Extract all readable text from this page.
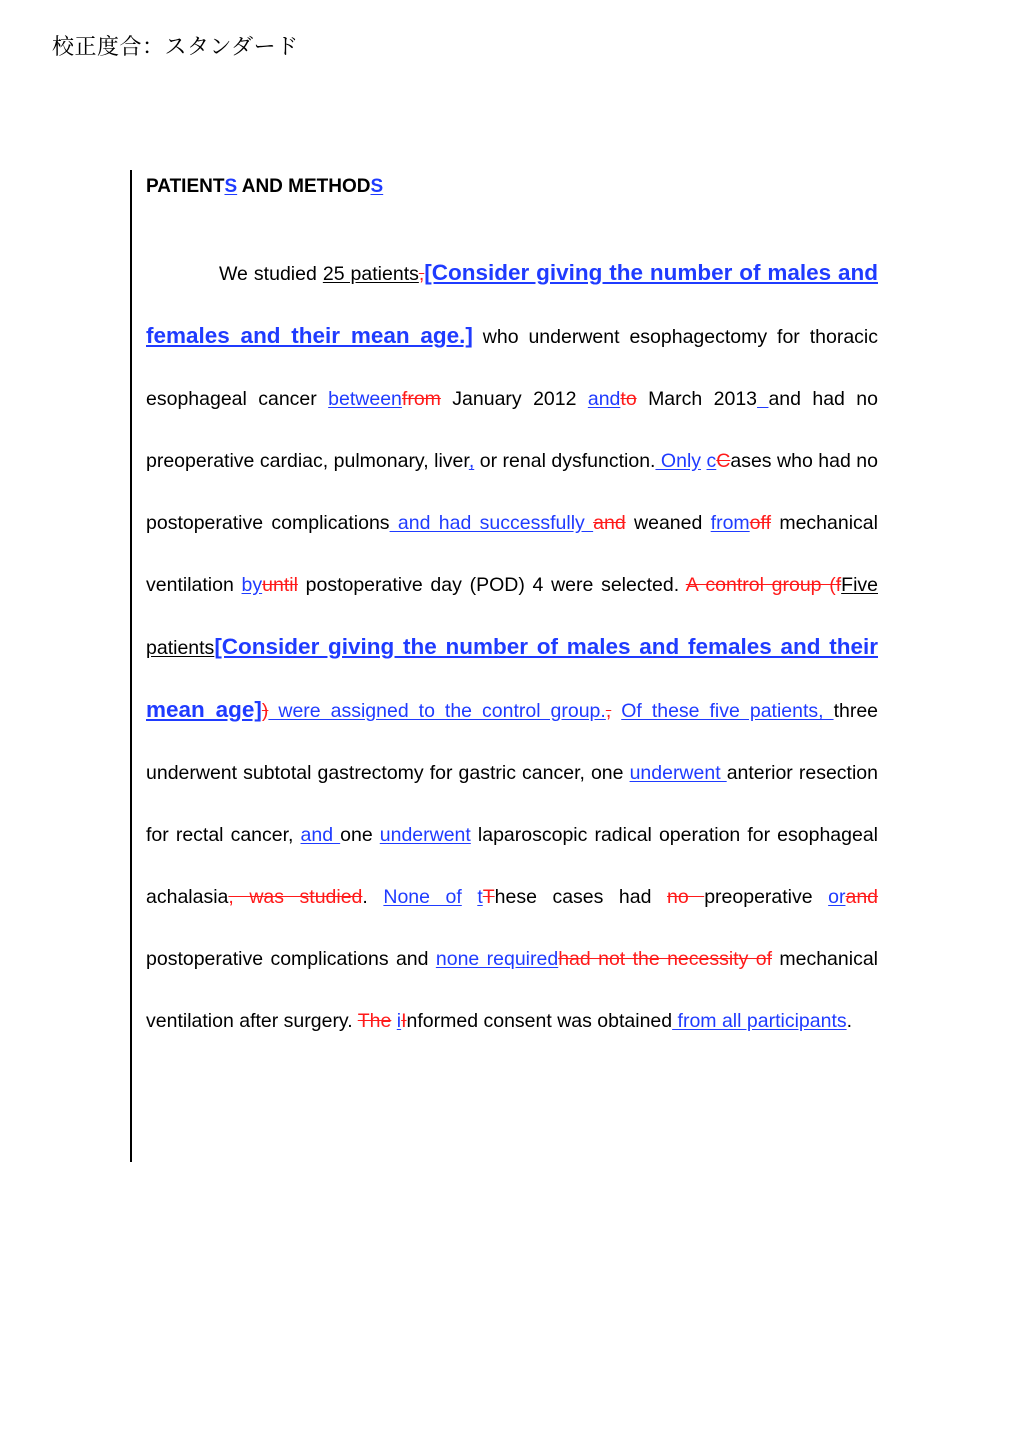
校正度合：スタンダード
PATIENTS AND METHODS

We studied 25 patients,[Consider giving the number of males and females and their mean age.] who underwent esophagectomy for thoracic esophageal cancer betweenfrom January 2012 andto March 2013 and had no preoperative cardiac, pulmonary, liver, or renal dysfunction. Only cCases who had no postoperative complications and had successfully and weaned fromoff mechanical ventilation byuntil postoperative day (POD) 4 were selected. A control group (fFive patients[Consider giving the number of males and females and their mean age]) were assigned to the control group., Of these five patients, three underwent subtotal gastrectomy for gastric cancer, one underwent anterior resection for rectal cancer, and one underwent laparoscopic radical operation for esophageal achalasia, was studied. None of tThese cases had no preoperative orand postoperative complications and none requiredhad not the necessity of mechanical ventilation after surgery. The iInformed consent was obtained from all participants.
